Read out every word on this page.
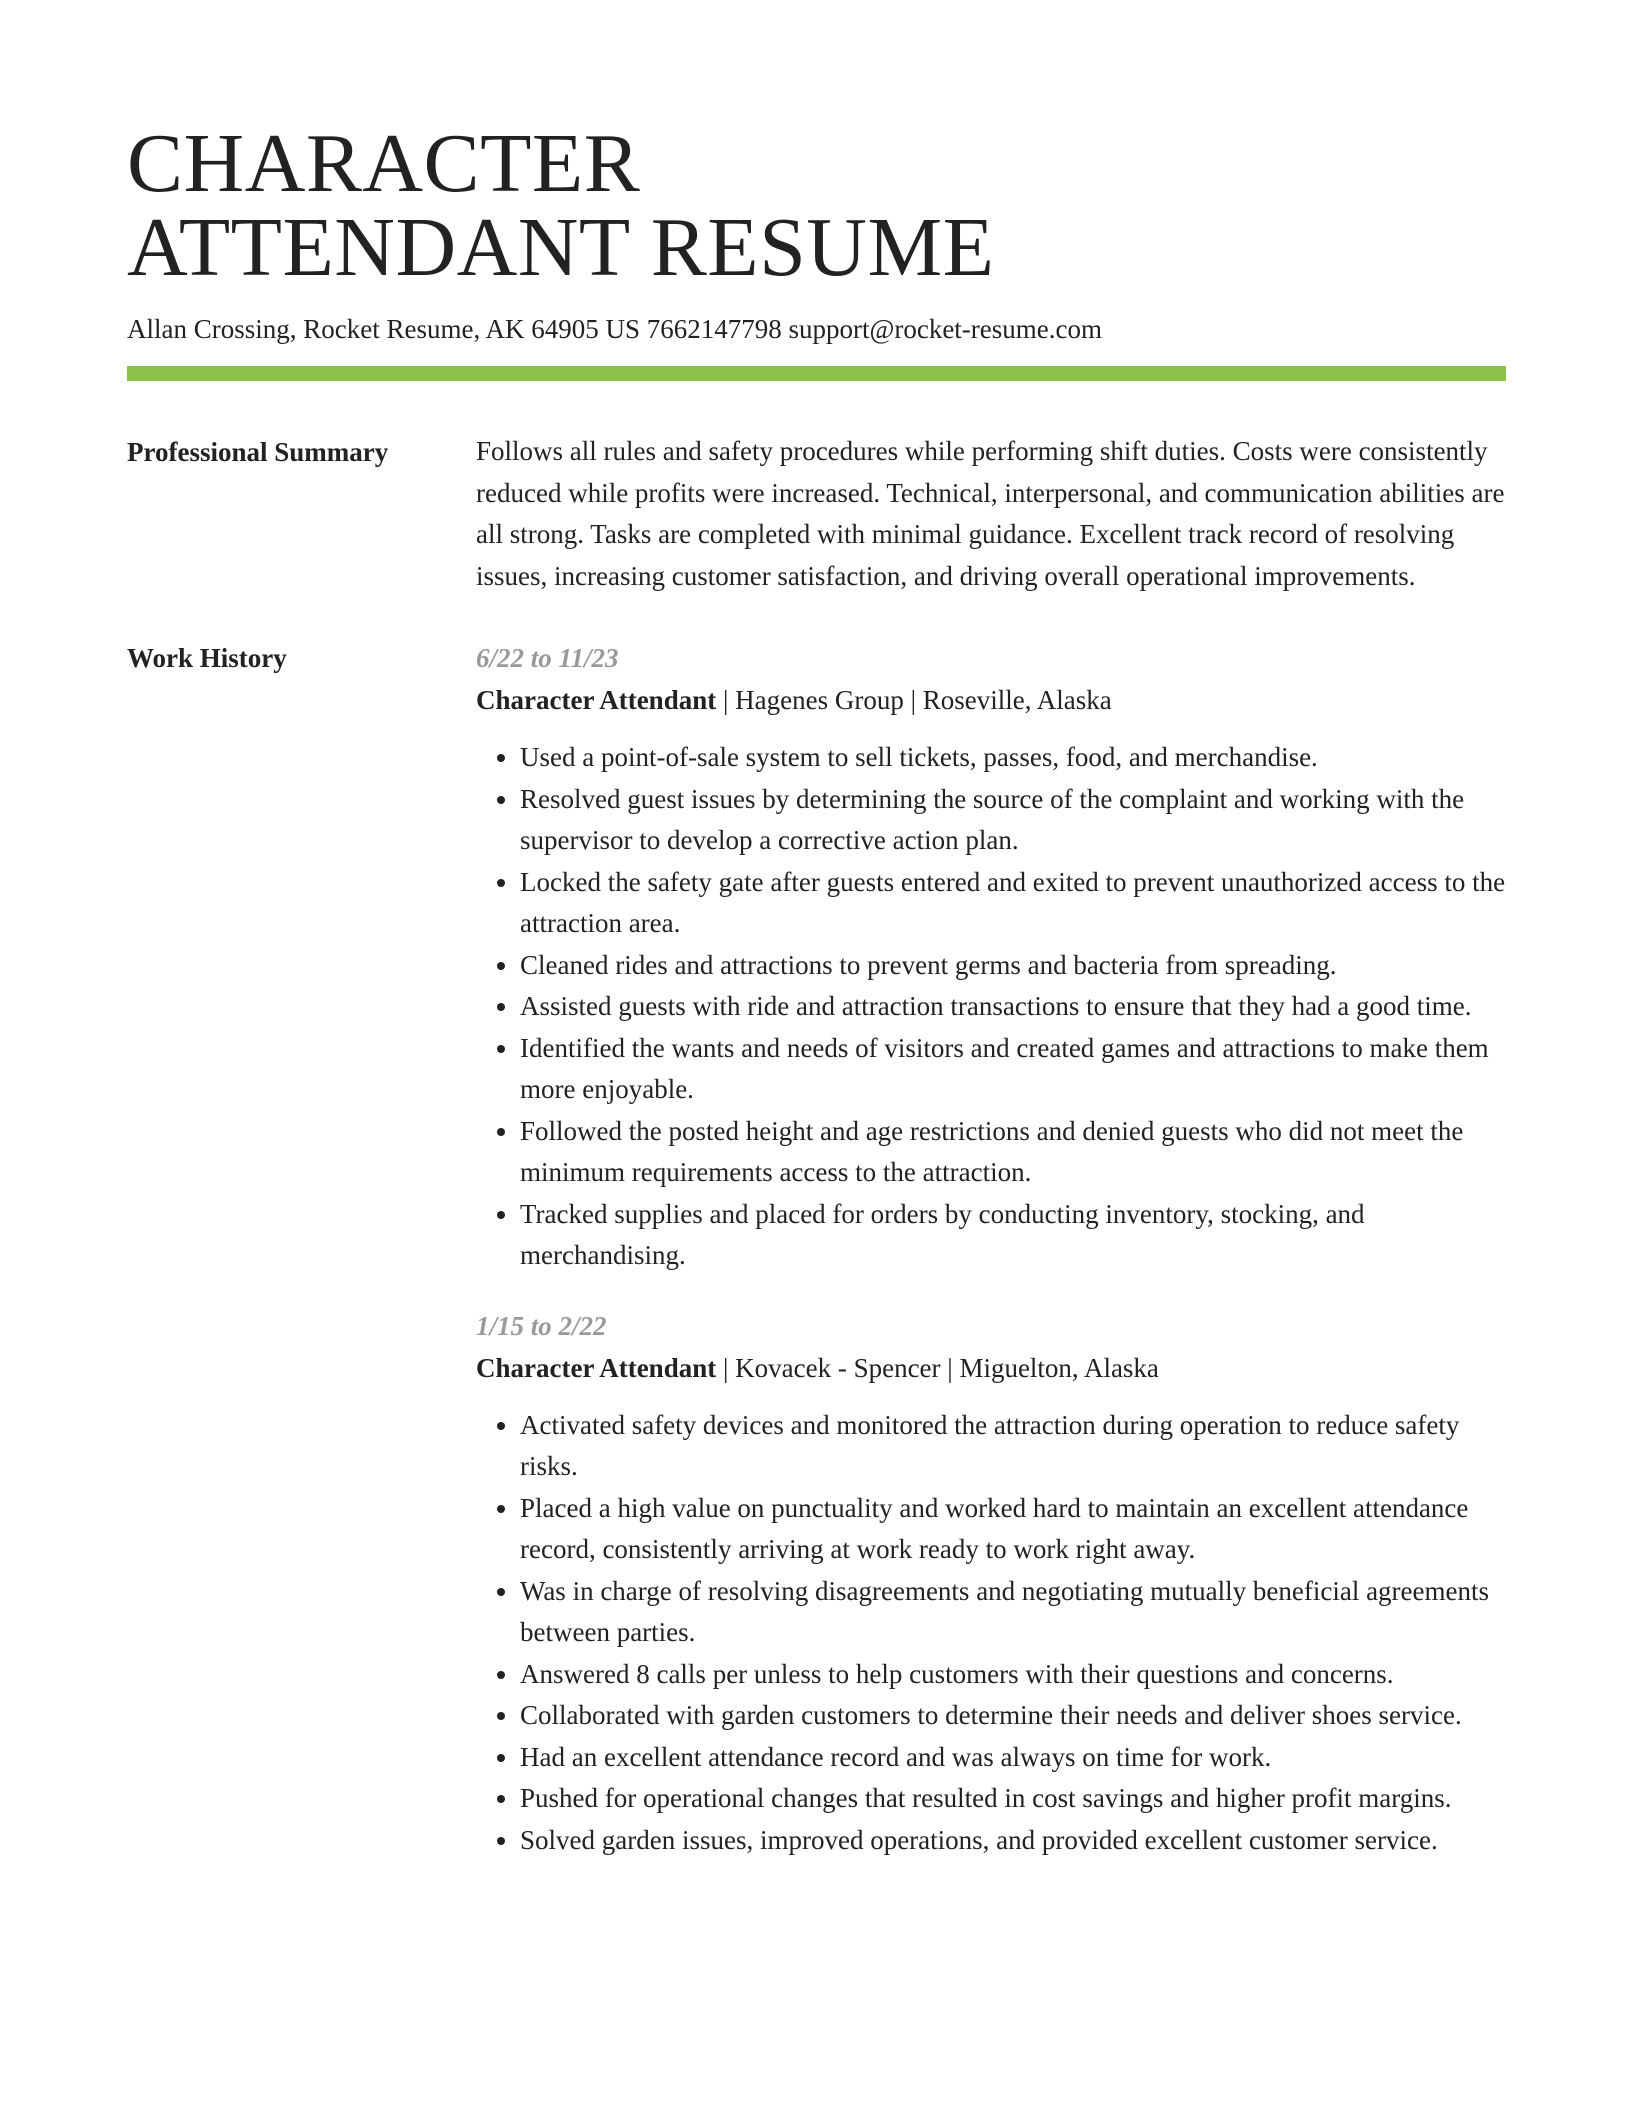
CHARACTER
ATTENDANT RESUME
Allan Crossing, Rocket Resume, AK 64905 US 7662147798 support@rocket-resume.com
Professional Summary	Follows all rules and safety procedures while performing shift duties. Costs were consistently reduced while profits were increased. Technical, interpersonal, and communication abilities are all strong. Tasks are completed with minimal guidance. Excellent track record of resolving issues, increasing customer satisfaction, and driving overall operational improvements.

Work History	6/22 to 11/23
Character Attendant | Hagenes Group | Roseville, Alaska
• Used a point-of-sale system to sell tickets, passes, food, and merchandise.
• Resolved guest issues by determining the source of the complaint and working with the supervisor to develop a corrective action plan.
• Locked the safety gate after guests entered and exited to prevent unauthorized access to the attraction area.
• Cleaned rides and attractions to prevent germs and bacteria from spreading.
• Assisted guests with ride and attraction transactions to ensure that they had a good time.
• Identified the wants and needs of visitors and created games and attractions to make them more enjoyable.
• Followed the posted height and age restrictions and denied guests who did not meet the minimum requirements access to the attraction.
• Tracked supplies and placed for orders by conducting inventory, stocking, and merchandising.
1/15 to 2/22
Character Attendant | Kovacek - Spencer | Miguelton, Alaska
• Activated safety devices and monitored the attraction during operation to reduce safety risks.
• Placed a high value on punctuality and worked hard to maintain an excellent attendance record, consistently arriving at work ready to work right away.
• Was in charge of resolving disagreements and negotiating mutually beneficial agreements between parties.
• Answered 8 calls per unless to help customers with their questions and concerns.
• Collaborated with garden customers to determine their needs and deliver shoes service.
• Had an excellent attendance record and was always on time for work.
• Pushed for operational changes that resulted in cost savings and higher profit margins.
• Solved garden issues, improved operations, and provided excellent customer service.
